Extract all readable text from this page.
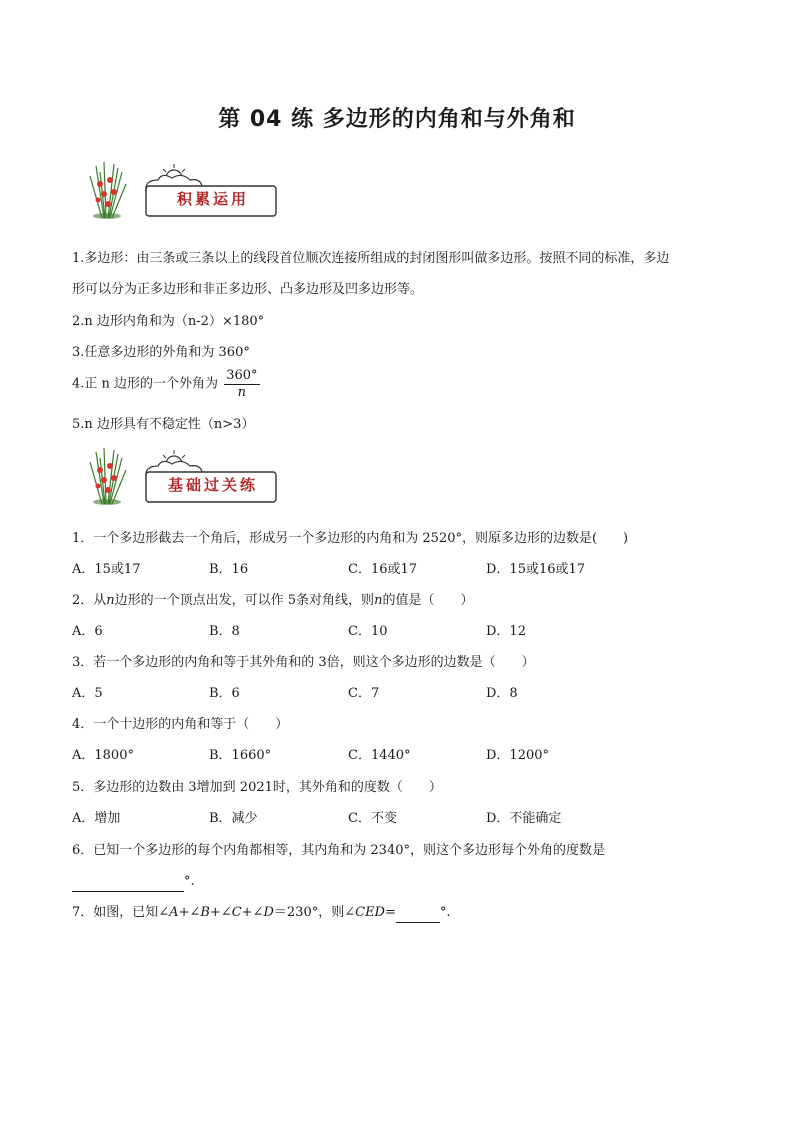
第 04 练 多边形的内角和与外角和
积累运用
1.多边形：由三条或三条以上的线段首位顺次连接所组成的封闭图形叫做多边形。按照不同的标准，多边
形可以分为正多边形和非正多边形、凸多边形及凹多边形等。
2.n 边形内角和为（n-2）×180°
3.任意多边形的外角和为 360°
4.正 n 边形的一个外角为 $\frac{360^\circ}{n}$
5.n 边形具有不稳定性（n>3）
基础过关练
1．一个多边形截去一个角后，形成另一个多边形的内角和为 2520°，则原多边形的边数是(　　)
A．15或17	B．16	C．16或17	D．15或16或17
2．从n边形的一个顶点出发，可以作 5条对角线，则n的值是（　　）
A．6	B．8	C．10	D．12
3．若一个多边形的内角和等于其外角和的 3倍，则这个多边形的边数是（　　）
A．5	B．6	C．7	D．8
4．一个十边形的内角和等于（　　）
A．1800°	B．1660°	C．1440°	D．1200°
5．多边形的边数由 3增加到 2021时，其外角和的度数（　　）
A．增加	B．减少	C．不变	D．不能确定
6．已知一个多边形的每个内角都相等，其内角和为 2340°，则这个多边形每个外角的度数是
°.
7．如图，已知∠A+∠B+∠C+∠D＝230°，则∠CED=	°.
